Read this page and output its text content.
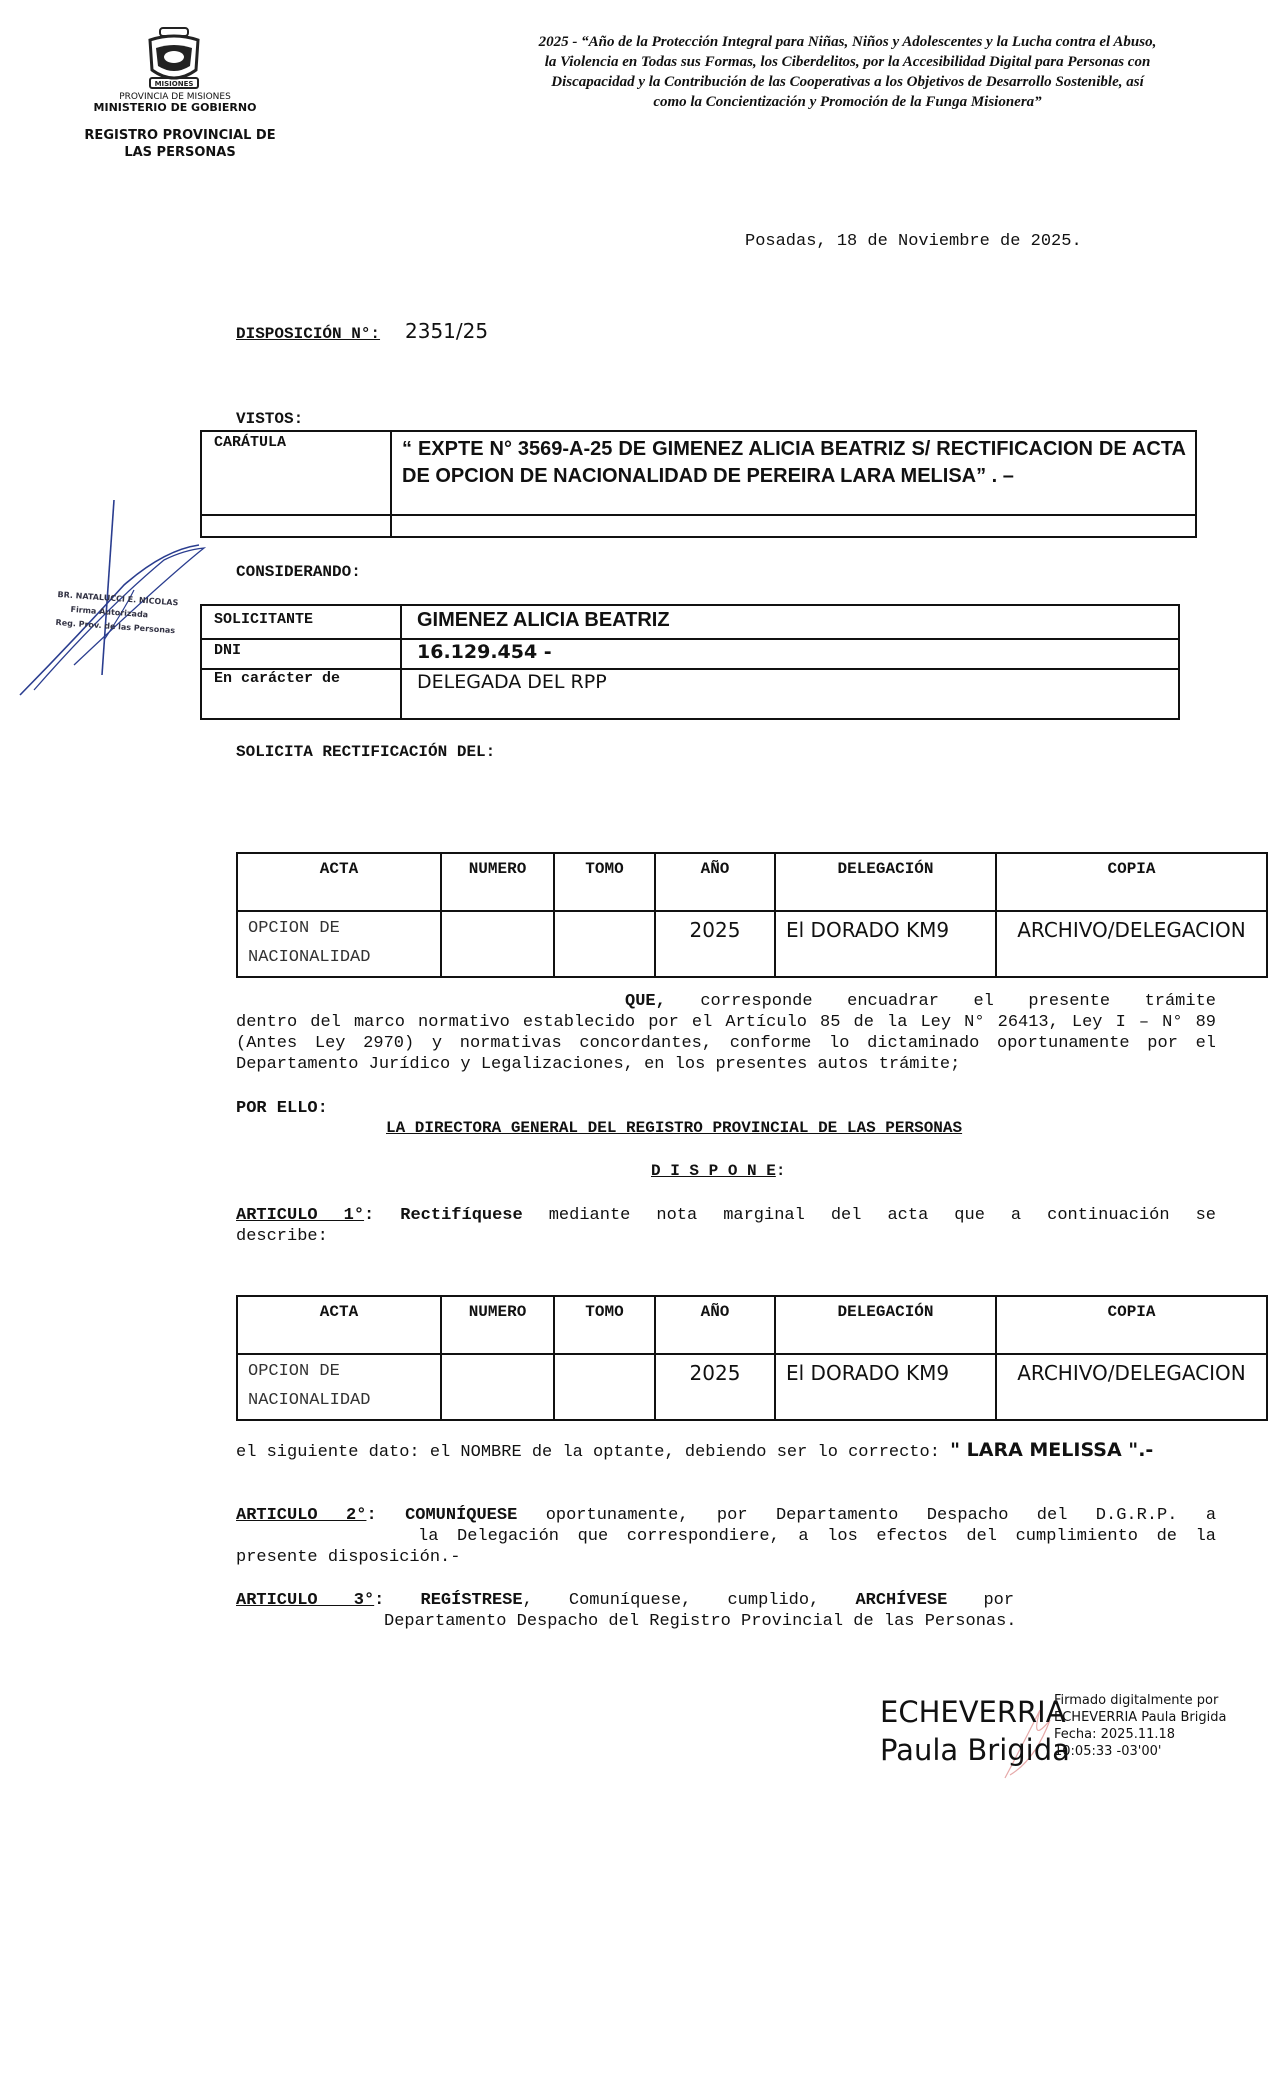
MISIONES
PROVINCIA DE MISIONES
MINISTERIO DE GOBIERNO
REGISTRO PROVINCIAL DE
LAS PERSONAS
2025 - “Año de la Protección Integral para Niñas, Niños y Adolescentes y la Lucha contra el Abuso, la Violencia en Todas sus Formas, los Ciberdelitos, por la Accesibilidad Digital para Personas con Discapacidad y la Contribución de las Cooperativas a los Objetivos de Desarrollo Sostenible, así como la Concientización y Promoción de la Funga Misionera”
Posadas, 18 de Noviembre de 2025.
DISPOSICIÓN N°: 2351/25
VISTOS:
CARÁTULA	“ EXPTE N° 3569-A-25 DE GIMENEZ ALICIA BEATRIZ S/ RECTIFICACION DE ACTA DE OPCION DE NACIONALIDAD DE PEREIRA LARA MELISA” . –
BR. NATALUCCI E. NICOLAS
Firma Autorizada
Reg. Prov. de las Personas
CONSIDERANDO:
SOLICITANTE	GIMENEZ ALICIA BEATRIZ
DNI	16.129.454 -
En carácter de	DELEGADA DEL RPP
SOLICITA RECTIFICACIÓN DEL:
ACTA	NUMERO	TOMO	AÑO	DELEGACIÓN	COPIA
OPCION DE NACIONALIDAD			2025	El DORADO KM9	ARCHIVO/DELEGACION
QUE, corresponde encuadrar el presente trámite
dentro del marco normativo establecido por el Artículo 85 de la Ley N° 26413, Ley I – N° 89 (Antes Ley 2970) y normativas concordantes, conforme lo dictaminado oportunamente por el Departamento Jurídico y Legalizaciones, en los presentes autos trámite;
POR ELLO:
LA DIRECTORA GENERAL DEL REGISTRO PROVINCIAL DE LAS PERSONAS
D I S P O N E:
ARTICULO 1°: Rectifíquese mediante nota marginal del acta que a continuación se
describe:
ACTA	NUMERO	TOMO	AÑO	DELEGACIÓN	COPIA
OPCION DE NACIONALIDAD			2025	El DORADO KM9	ARCHIVO/DELEGACION
el siguiente dato: el NOMBRE de la optante, debiendo ser lo correcto: " LARA MELISSA ".-
ARTICULO 2°: COMUNÍQUESE oportunamente, por Departamento Despacho del D.G.R.P. a
la Delegación que correspondiere, a los efectos del cumplimiento de la
presente disposición.-
ARTICULO 3°: REGÍSTRESE, Comuníquese, cumplido, ARCHÍVESE por
Departamento Despacho del Registro Provincial de las Personas.
ECHEVERRIA
Paula Brigida
Firmado digitalmente por
ECHEVERRIA Paula Brigida
Fecha: 2025.11.18
10:05:33 -03'00'
